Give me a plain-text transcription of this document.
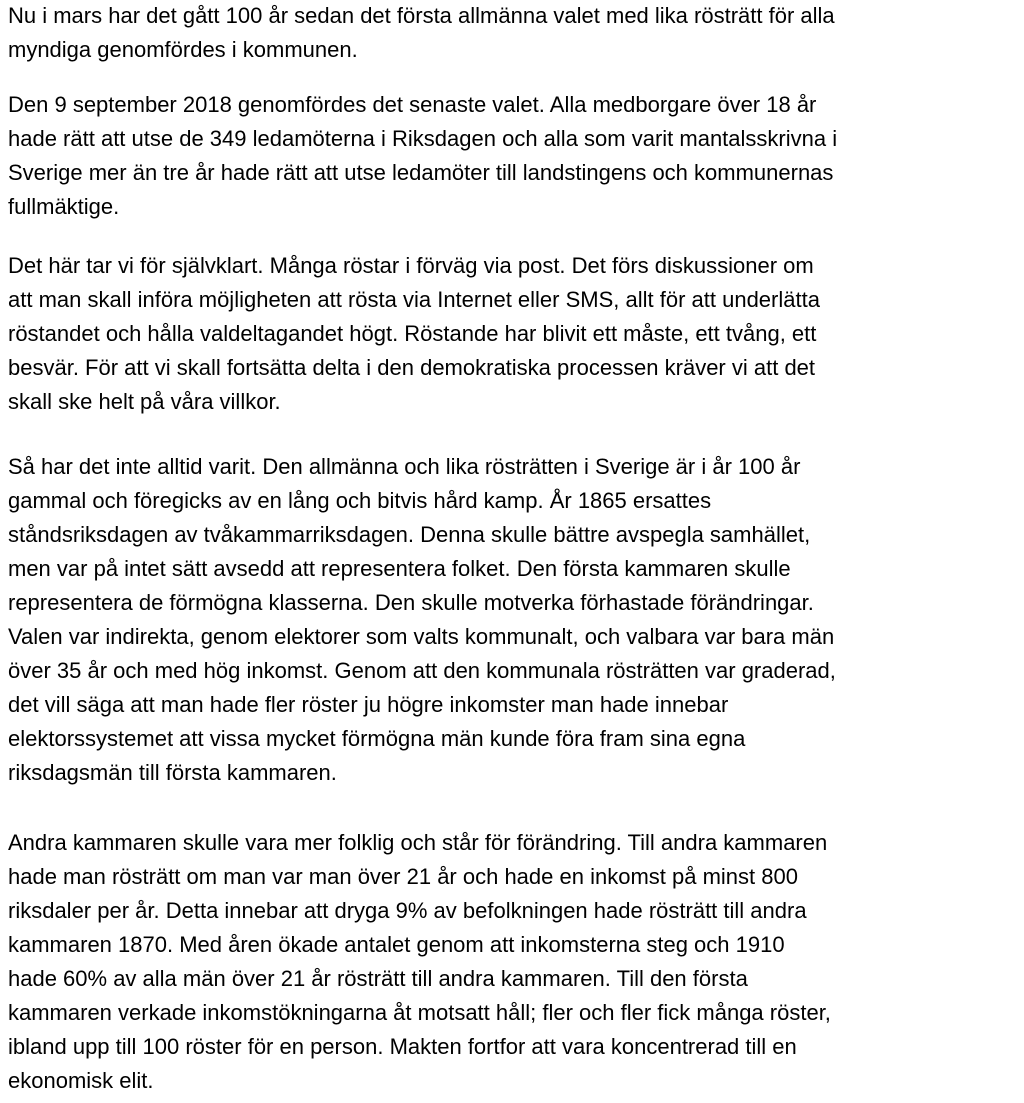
Nu i mars har det gått 100 år sedan det första allmänna valet med lika rösträtt för alla
myndiga genomfördes i kommunen.
Den 9 september 2018 genomfördes det senaste valet. Alla medborgare över 18 år
hade rätt att utse de 349 ledamöterna i Riksdagen och alla som varit mantalsskrivna i
Sverige mer än tre år hade rätt att utse ledamöter till landstingens och kommunernas
fullmäktige.
Det här tar vi för självklart. Många röstar i förväg via post. Det förs diskussioner om
att man skall införa möjligheten att rösta via Internet eller SMS, allt för att underlätta
röstandet och hålla valdeltagandet högt. Röstande har blivit ett måste, ett tvång, ett
besvär. För att vi skall fortsätta delta i den demokratiska processen kräver vi att det
skall ske helt på våra villkor.
Så har det inte alltid varit. Den allmänna och lika rösträtten i Sverige är i år 100 år
gammal och föregicks av en lång och bitvis hård kamp. År 1865 ersattes
ståndsriksdagen av tvåkammarriksdagen. Denna skulle bättre avspegla samhället,
men var på intet sätt avsedd att representera folket. Den första kammaren skulle
representera de förmögna klasserna. Den skulle motverka förhastade förändringar.
Valen var indirekta, genom elektorer som valts kommunalt, och valbara var bara män
över 35 år och med hög inkomst. Genom att den kommunala rösträtten var graderad,
det vill säga att man hade fler röster ju högre inkomster man hade innebar
elektorssystemet att vissa mycket förmögna män kunde föra fram sina egna
riksdagsmän till första kammaren.
Andra kammaren skulle vara mer folklig och står för förändring. Till andra kammaren
hade man rösträtt om man var man över 21 år och hade en inkomst på minst 800
riksdaler per år. Detta innebar att dryga 9% av befolkningen hade rösträtt till andra
kammaren 1870. Med åren ökade antalet genom att inkomsterna steg och 1910
hade 60% av alla män över 21 år rösträtt till andra kammaren. Till den första
kammaren verkade inkomstökningarna åt motsatt håll; fler och fler fick många röster,
ibland upp till 100 röster för en person. Makten fortfor att vara koncentrerad till en
ekonomisk elit.
